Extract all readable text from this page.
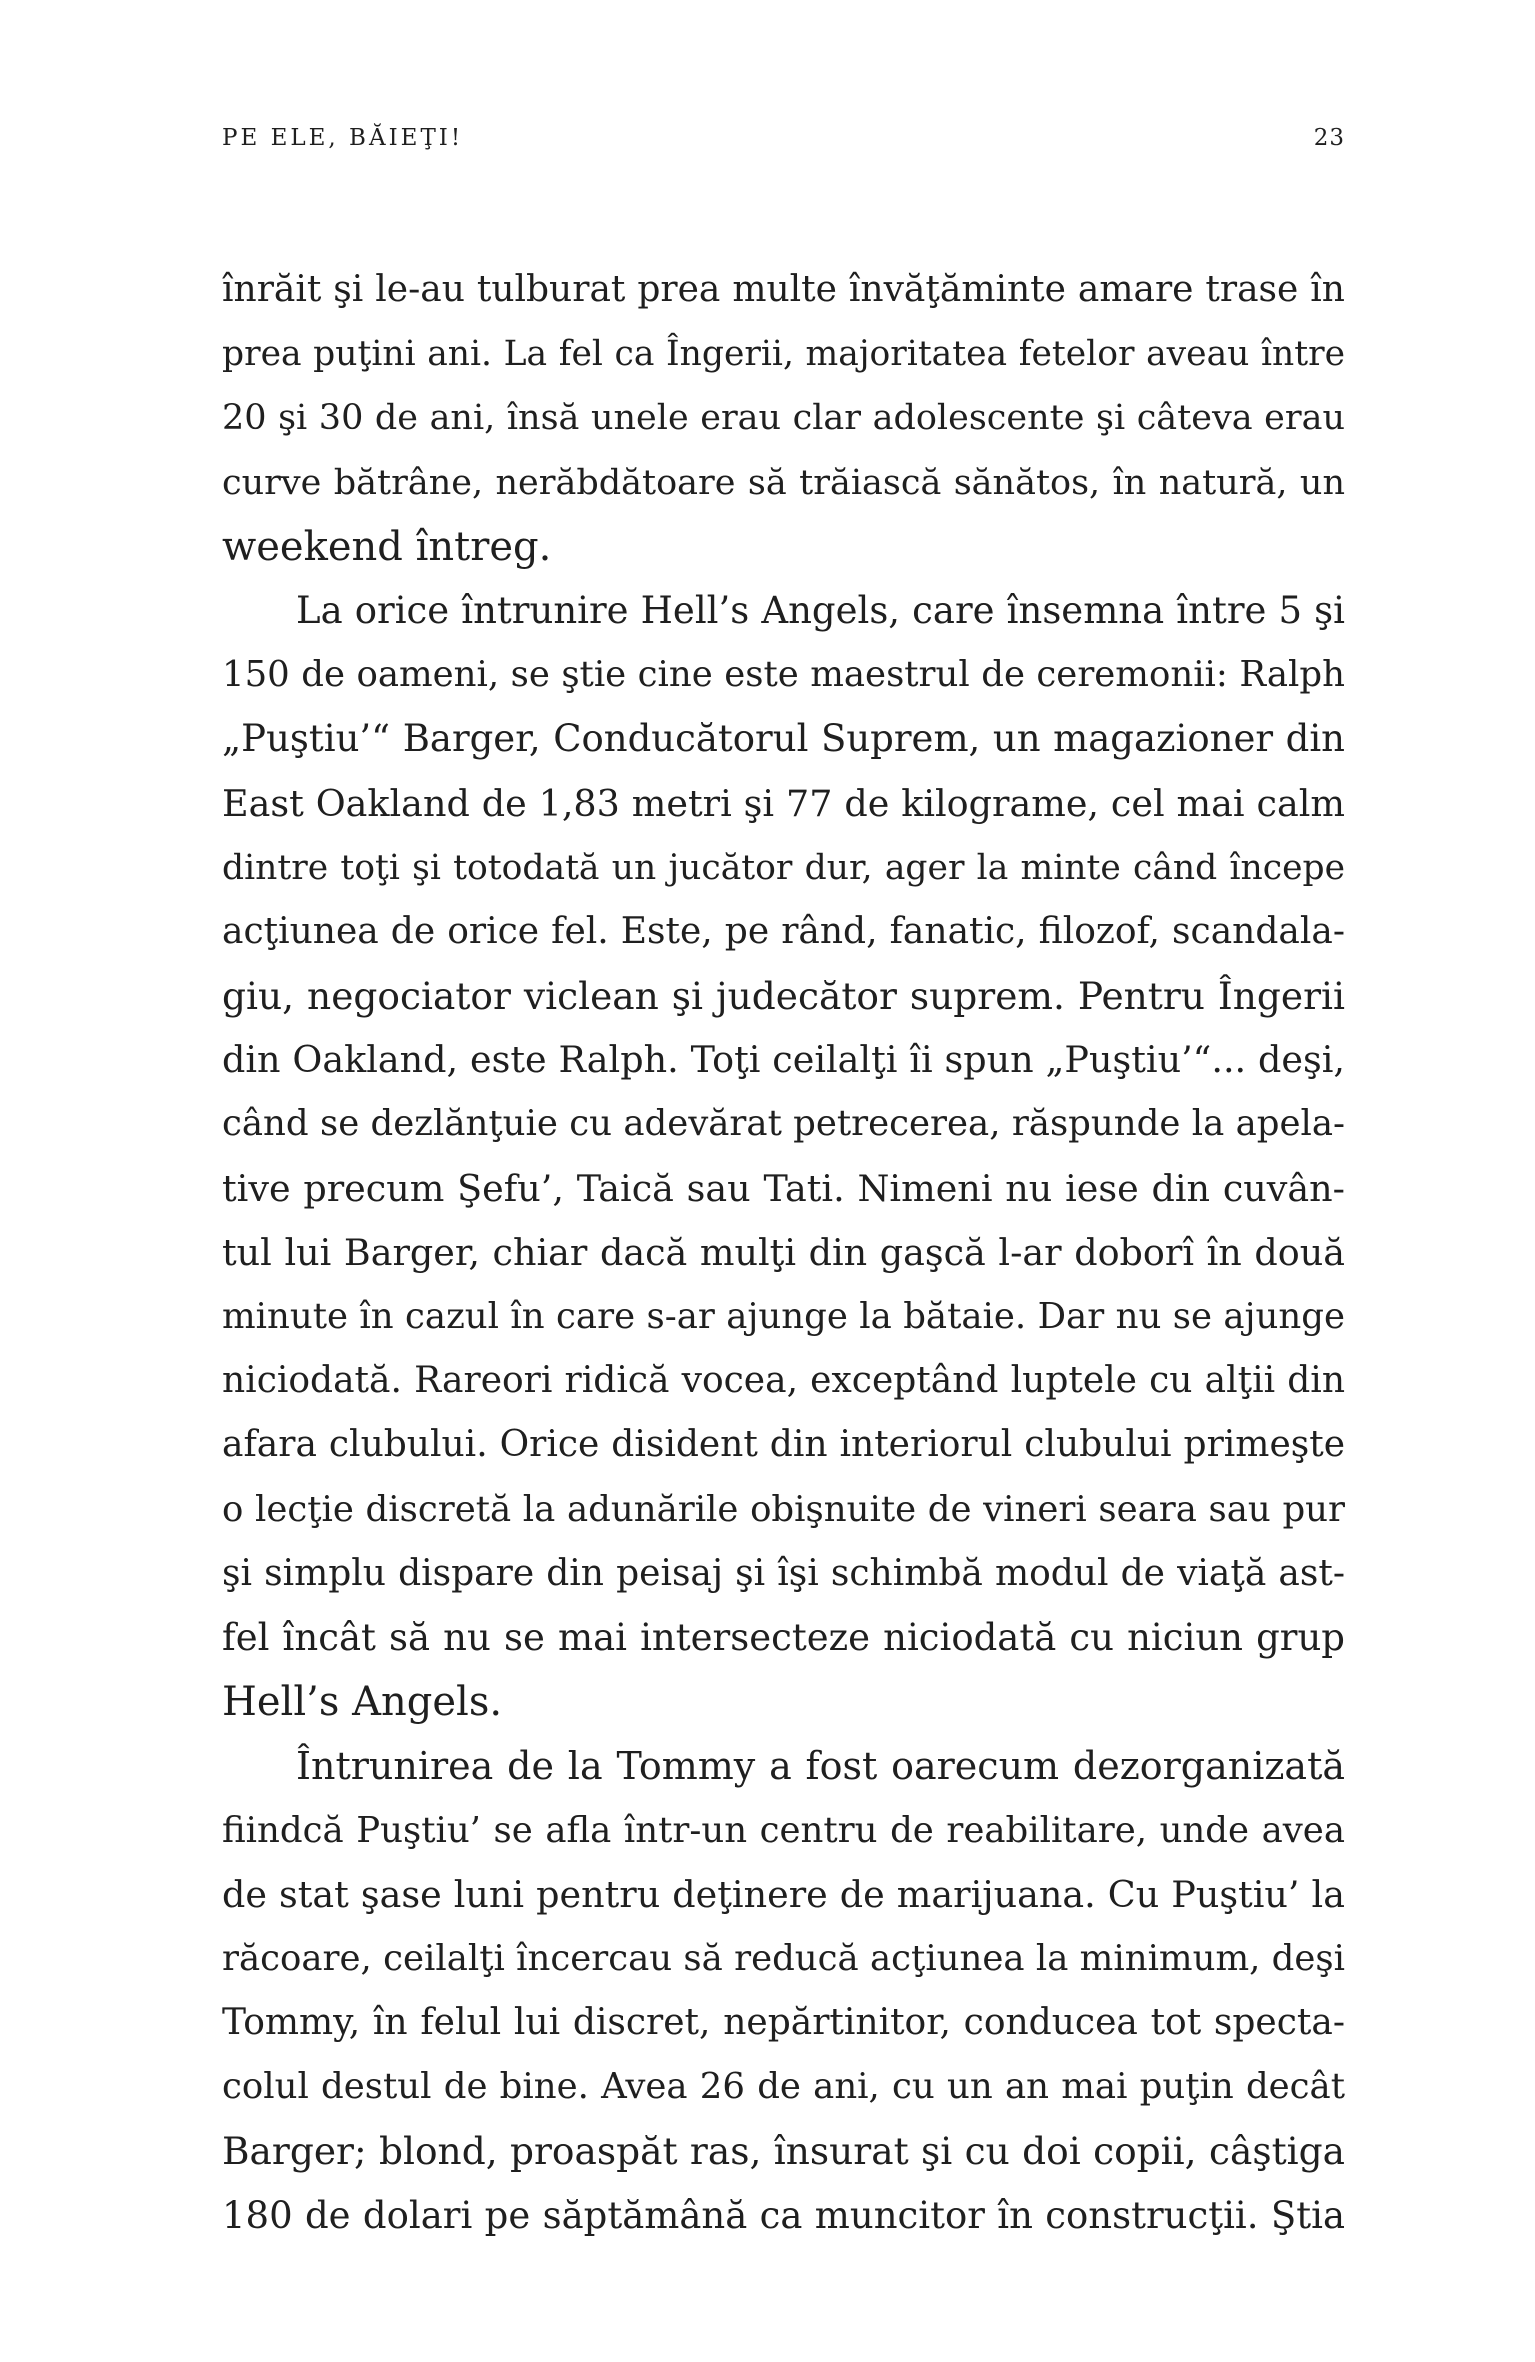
PE ELE, BĂIEŢI!	23
înrăit şi le-au tulburat prea multe învăţăminte amare trase în
prea puţini ani. La fel ca Îngerii, majoritatea fetelor aveau între
20 şi 30 de ani, însă unele erau clar adolescente şi câteva erau
curve bătrâne, nerăbdătoare să trăiască sănătos, în natură, un
weekend întreg.
La orice întrunire Hell’s Angels, care însemna între 5 şi
150 de oameni, se ştie cine este maestrul de ceremonii: Ralph
„Puştiu’“ Barger, Conducătorul Suprem, un magazioner din
East Oakland de 1,83 metri şi 77 de kilograme, cel mai calm
dintre toţi şi totodată un jucător dur, ager la minte când începe
acţiunea de orice fel. Este, pe rând, fanatic, filozof, scandala-
giu, negociator viclean şi judecător suprem. Pentru Îngerii
din Oakland, este Ralph. Toţi ceilalţi îi spun „Puştiu’“... deşi,
când se dezlănţuie cu adevărat petrecerea, răspunde la apela-
tive precum Şefu’, Taică sau Tati. Nimeni nu iese din cuvân-
tul lui Barger, chiar dacă mulţi din gaşcă l-ar doborî în două
minute în cazul în care s-ar ajunge la bătaie. Dar nu se ajunge
niciodată. Rareori ridică vocea, exceptând luptele cu alţii din
afara clubului. Orice disident din interiorul clubului primeşte
o lecţie discretă la adunările obişnuite de vineri seara sau pur
şi simplu dispare din peisaj şi îşi schimbă modul de viaţă ast-
fel încât să nu se mai intersecteze niciodată cu niciun grup
Hell’s Angels.
Întrunirea de la Tommy a fost oarecum dezorganizată
fiindcă Puştiu’ se afla într-un centru de reabilitare, unde avea
de stat şase luni pentru deţinere de marijuana. Cu Puştiu’ la
răcoare, ceilalţi încercau să reducă acţiunea la minimum, deşi
Tommy, în felul lui discret, nepărtinitor, conducea tot specta-
colul destul de bine. Avea 26 de ani, cu un an mai puţin decât
Barger; blond, proaspăt ras, însurat şi cu doi copii, câştiga
180 de dolari pe săptămână ca muncitor în construcţii. Ştia
